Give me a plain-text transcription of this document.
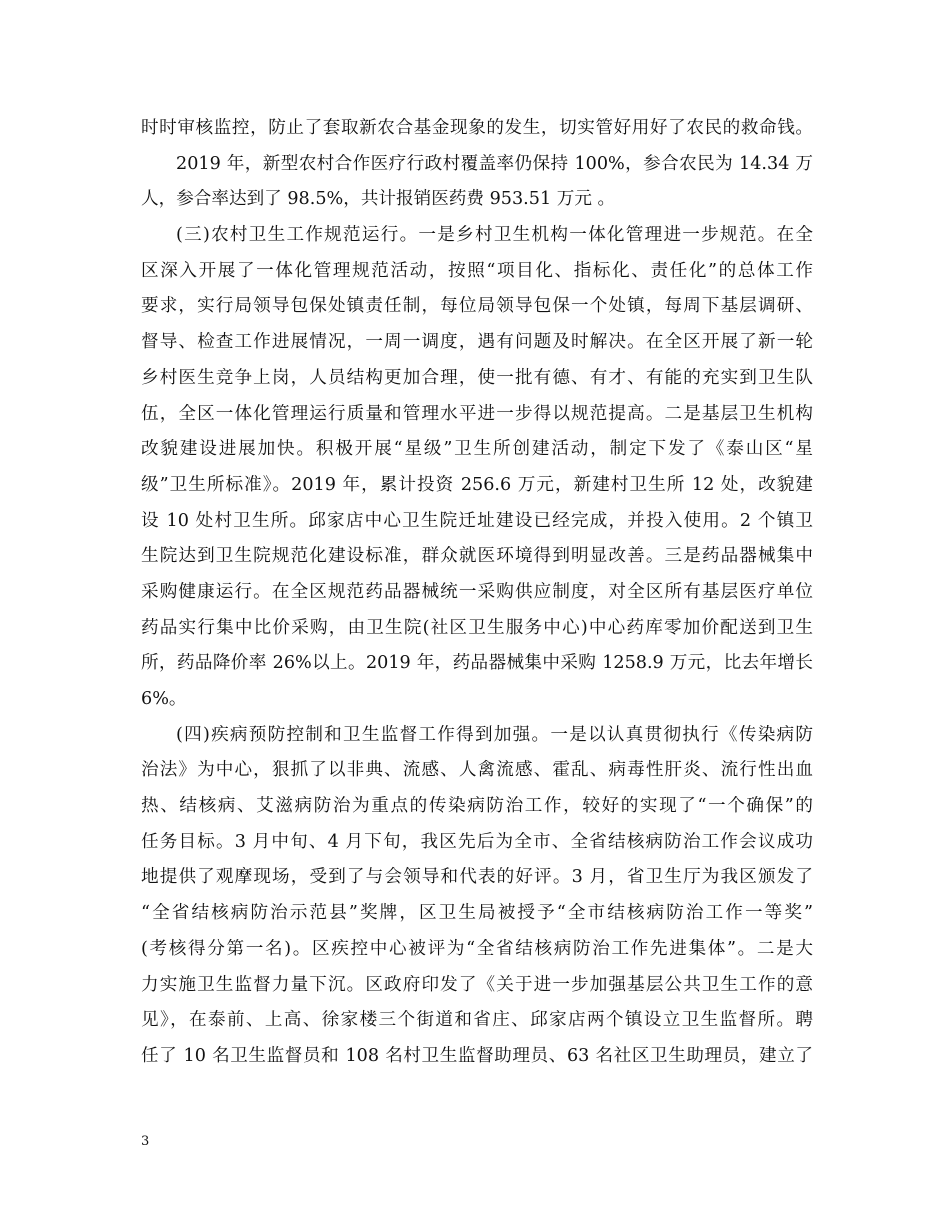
时时审核监控，防止了套取新农合基金现象的发生，切实管好用好了农民的救命钱。
2019 年，新型农村合作医疗行政村覆盖率仍保持 100%，参合农民为 14.34 万
人，参合率达到了 98.5%，共计报销医药费 953.51 万元 。
(三)农村卫生工作规范运行。一是乡村卫生机构一体化管理进一步规范。在全
区深入开展了一体化管理规范活动，按照“项目化、指标化、责任化”的总体工作
要求，实行局领导包保处镇责任制，每位局领导包保一个处镇，每周下基层调研、
督导、检查工作进展情况，一周一调度，遇有问题及时解决。在全区开展了新一轮
乡村医生竞争上岗，人员结构更加合理，使一批有德、有才、有能的充实到卫生队
伍，全区一体化管理运行质量和管理水平进一步得以规范提高。二是基层卫生机构
改貌建设进展加快。积极开展“星级”卫生所创建活动，制定下发了《泰山区“星
级”卫生所标准》。2019 年，累计投资 256.6 万元，新建村卫生所 12 处，改貌建
设 10 处村卫生所。邱家店中心卫生院迁址建设已经完成，并投入使用。2 个镇卫
生院达到卫生院规范化建设标准，群众就医环境得到明显改善。三是药品器械集中
采购健康运行。在全区规范药品器械统一采购供应制度，对全区所有基层医疗单位
药品实行集中比价采购，由卫生院(社区卫生服务中心)中心药库零加价配送到卫生
所，药品降价率 26%以上。2019 年，药品器械集中采购 1258.9 万元，比去年增长
6%。
(四)疾病预防控制和卫生监督工作得到加强。一是以认真贯彻执行《传染病防
治法》为中心，狠抓了以非典、流感、人禽流感、霍乱、病毒性肝炎、流行性出血
热、结核病、艾滋病防治为重点的传染病防治工作，较好的实现了“一个确保”的
任务目标。3 月中旬、4 月下旬，我区先后为全市、全省结核病防治工作会议成功
地提供了观摩现场，受到了与会领导和代表的好评。3 月，省卫生厅为我区颁发了
“全省结核病防治示范县”奖牌，区卫生局被授予“全市结核病防治工作一等奖”
(考核得分第一名)。区疾控中心被评为“全省结核病防治工作先进集体”。二是大
力实施卫生监督力量下沉。区政府印发了《关于进一步加强基层公共卫生工作的意
见》，在泰前、上高、徐家楼三个街道和省庄、邱家店两个镇设立卫生监督所。聘
任了 10 名卫生监督员和 108 名村卫生监督助理员、63 名社区卫生助理员，建立了
3
